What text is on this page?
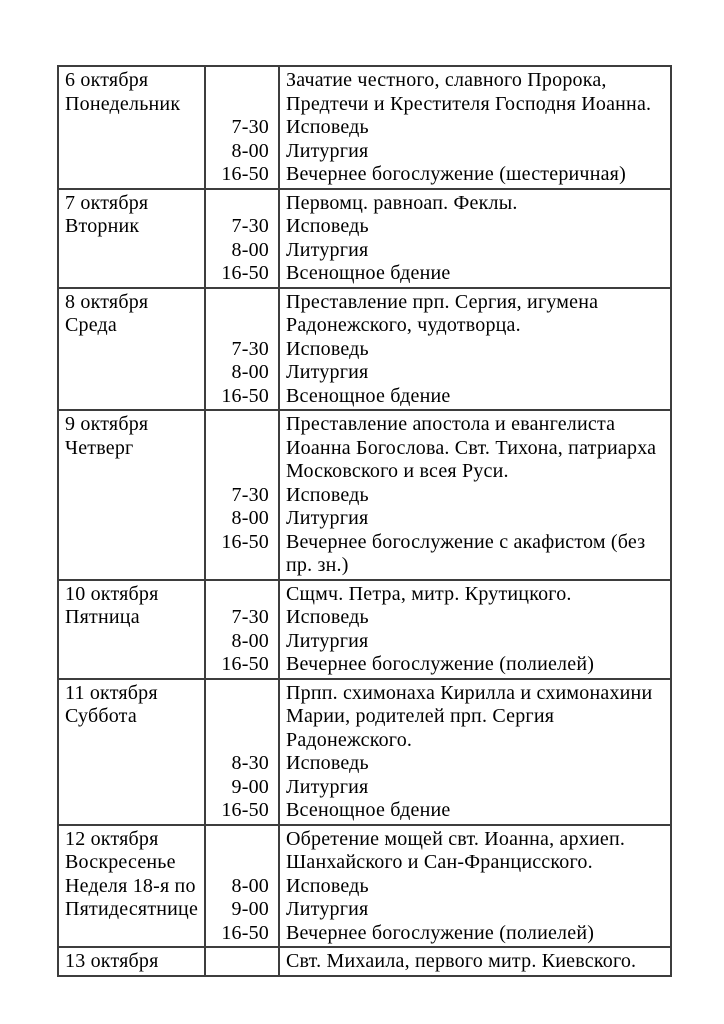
6 октября
Понедельник
Зачатие честного, славного Пророка,
Предтечи и Крестителя Господня Иоанна.
7-30 Исповедь
8-00 Литургия
16-50 Вечернее богослужение (шестеричная)
7 октября
Вторник
Первомц. равноап. Феклы.
7-30 Исповедь
8-00 Литургия
16-50 Всенощное бдение
8 октября
Среда
Преставление прп. Сергия, игумена
Радонежского, чудотворца.
7-30 Исповедь
8-00 Литургия
16-50 Всенощное бдение
9 октября
Четверг
Преставление апостола и евангелиста
Иоанна Богослова. Свт. Тихона, патриарха
Московского и всея Руси.
7-30 Исповедь
8-00 Литургия
16-50 Вечернее богослужение с акафистом (без
пр. зн.)
10 октября
Пятница
Сщмч. Петра, митр. Крутицкого.
7-30 Исповедь
8-00 Литургия
16-50 Вечернее богослужение (полиелей)
11 октября
Суббота
Прпп. схимонаха Кирилла и схимонахини
Марии, родителей прп. Сергия
Радонежского.
8-30 Исповедь
9-00 Литургия
16-50 Всенощное бдение
12 октября
Воскресенье
Неделя 18-я по
Пятидесятнице
Обретение мощей свт. Иоанна, архиеп.
Шанхайского и Сан-Францисского.
8-00 Исповедь
9-00 Литургия
16-50 Вечернее богослужение (полиелей)
13 октября	Свт. Михаила, первого митр. Киевского.
